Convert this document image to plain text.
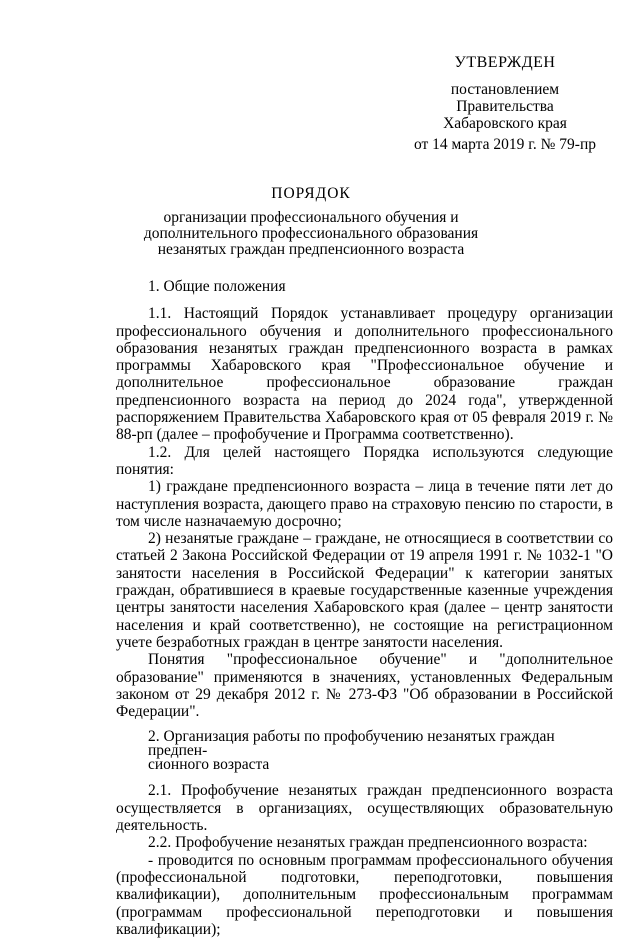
УТВЕРЖДЕН
постановлением
Правительства
Хабаровского края
от 14 марта 2019 г. № 79-пр
ПОРЯДОК
организации профессионального обучения и
дополнительного профессионального образования
незанятых граждан предпенсионного возраста

1. Общие положения

1.1. Настоящий Порядок устанавливает процедуру организации профессионального обучения и дополнительного профессионального образования незанятых граждан предпенсионного возраста в рамках программы Хабаровского края "Профессиональное обучение и дополнительное профессиональное образование граждан предпенсионного возраста на период до 2024 года", утвержденной распоряжением Правительства Хабаровского края от 05 февраля 2019 г. № 88-рп (далее – профобучение и Программа соответственно).

1.2. Для целей настоящего Порядка используются следующие понятия:

1) граждане предпенсионного возраста – лица в течение пяти лет до наступления возраста, дающего право на страховую пенсию по старости, в том числе назначаемую досрочно;

2) незанятые граждане – граждане, не относящиеся в соответствии со статьей 2 Закона Российской Федерации от 19 апреля 1991 г. № 1032-1 "О занятости населения в Российской Федерации" к категории занятых граждан, обратившиеся в краевые государственные казенные учреждения центры занятости населения Хабаровского края (далее – центр занятости населения и край соответственно), не состоящие на регистрационном учете безработных граждан в центре занятости населения.

Понятия "профессиональное обучение" и "дополнительное образование" применяются в значениях, установленных Федеральным законом от 29 декабря 2012 г. № 273-ФЗ "Об образовании в Российской Федерации".

2. Организация работы по профобучению незанятых граждан предпен-
сионного возраста

2.1. Профобучение незанятых граждан предпенсионного возраста осуществляется в организациях, осуществляющих образовательную деятельность.

2.2. Профобучение незанятых граждан предпенсионного возраста:

- проводится по основным программам профессионального обучения (профессиональной подготовки, переподготовки, повышения квалификации), дополнительным профессиональным программам (программам профессиональной переподготовки и повышения квалификации);
